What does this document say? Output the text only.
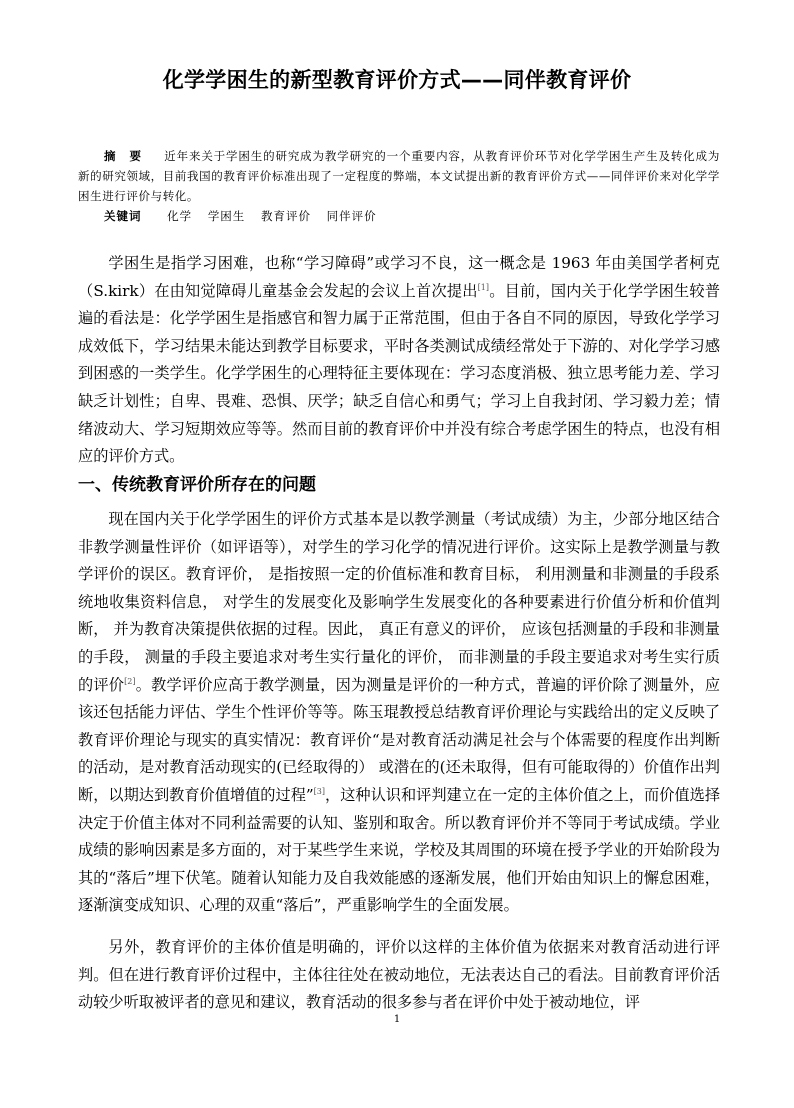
化学学困生的新型教育评价方式——同伴教育评价
摘　要 近年来关于学困生的研究成为教学研究的一个重要内容，从教育评价环节对化学学困生产生及转化成为新的研究领域，目前我国的教育评价标准出现了一定程度的弊端，本文试提出新的教育评价方式——同伴评价来对化学学困生进行评价与转化。
关键词 化学 学困生 教育评价 同伴评价

学困生是指学习困难，也称“学习障碍”或学习不良，这一概念是 1963 年由美国学者柯克（S.kirk）在由知觉障碍儿童基金会发起的会议上首次提出[1]。目前，国内关于化学学困生较普遍的看法是：化学学困生是指感官和智力属于正常范围，但由于各自不同的原因，导致化学学习成效低下，学习结果未能达到教学目标要求，平时各类测试成绩经常处于下游的、对化学学习感到困惑的一类学生。化学学困生的心理特征主要体现在：学习态度消极、独立思考能力差、学习缺乏计划性；自卑、畏难、恐惧、厌学；缺乏自信心和勇气；学习上自我封闭、学习毅力差；情绪波动大、学习短期效应等等。然而目前的教育评价中并没有综合考虑学困生的特点，也没有相应的评价方式。

一、传统教育评价所存在的问题

现在国内关于化学学困生的评价方式基本是以教学测量（考试成绩）为主，少部分地区结合非教学测量性评价（如评语等），对学生的学习化学的情况进行评价。这实际上是教学测量与教学评价的误区。教育评价， 是指按照一定的价值标准和教育目标， 利用测量和非测量的手段系统地收集资料信息， 对学生的发展变化及影响学生发展变化的各种要素进行价值分析和价值判断， 并为教育决策提供依据的过程。因此， 真正有意义的评价， 应该包括测量的手段和非测量的手段， 测量的手段主要追求对考生实行量化的评价， 而非测量的手段主要追求对考生实行质的评价[2]。教学评价应高于教学测量，因为测量是评价的一种方式，普遍的评价除了测量外，应该还包括能力评估、学生个性评价等等。陈玉琨教授总结教育评价理论与实践给出的定义反映了教育评价理论与现实的真实情况：教育评价“是对教育活动满足社会与个体需要的程度作出判断的活动，是对教育活动现实的(已经取得的） 或潜在的(还未取得，但有可能取得的）价值作出判断，以期达到教育价值增值的过程”[3]，这种认识和评判建立在一定的主体价值之上，而价值选择决定于价值主体对不同利益需要的认知、鉴别和取舍。所以教育评价并不等同于考试成绩。学业成绩的影响因素是多方面的，对于某些学生来说，学校及其周围的环境在授予学业的开始阶段为其的“落后”埋下伏笔。随着认知能力及自我效能感的逐渐发展，他们开始由知识上的懈怠困难，逐渐演变成知识、心理的双重“落后”，严重影响学生的全面发展。

另外，教育评价的主体价值是明确的，评价以这样的主体价值为依据来对教育活动进行评判。但在进行教育评价过程中，主体往往处在被动地位，无法表达自己的看法。目前教育评价活动较少听取被评者的意见和建议，教育活动的很多参与者在评价中处于被动地位，评

1
